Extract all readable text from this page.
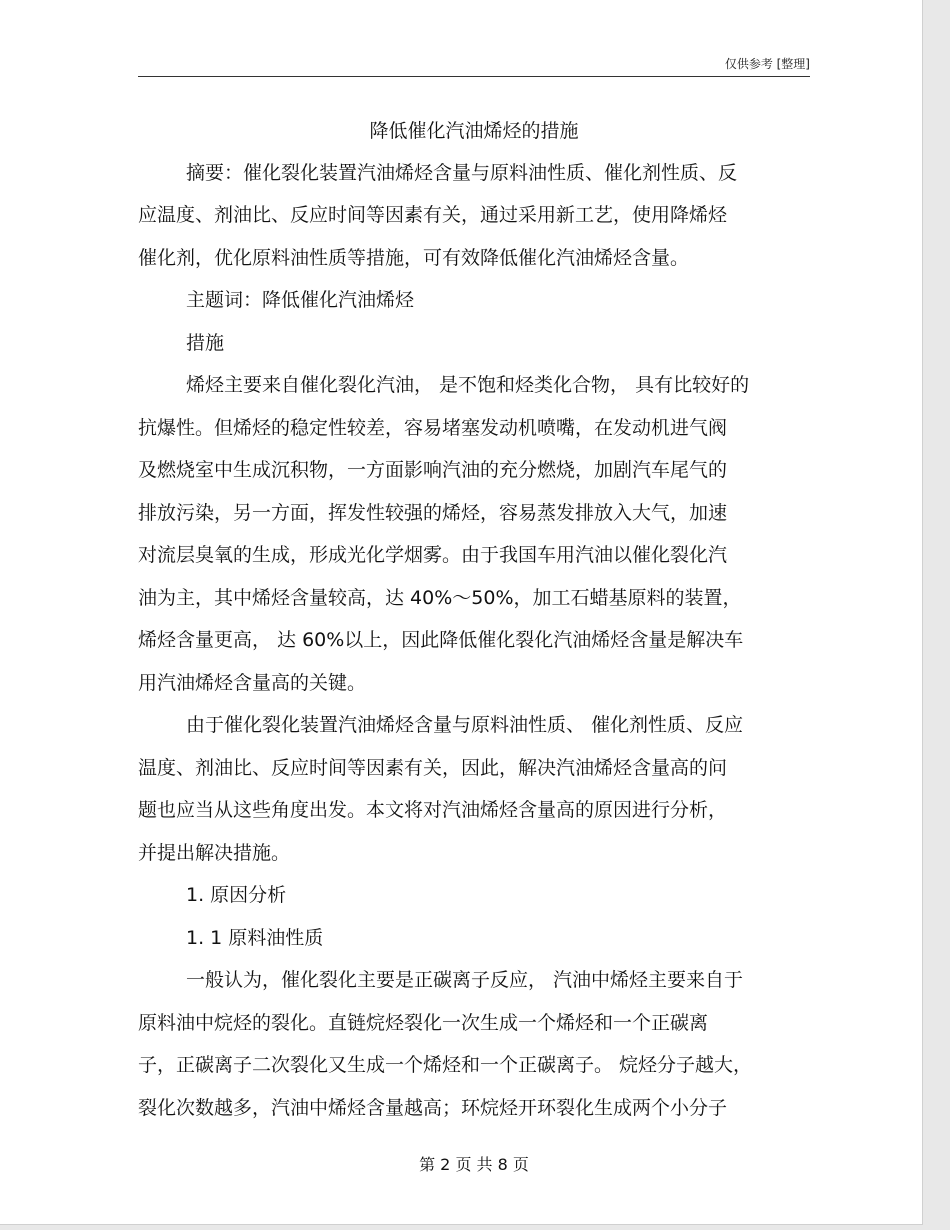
仅供参考 [整理]
降低催化汽油烯烃的措施
摘要：催化裂化装置汽油烯烃含量与原料油性质、催化剂性质、反
应温度、剂油比、反应时间等因素有关，通过采用新工艺，使用降烯烃
催化剂，优化原料油性质等措施，可有效降低催化汽油烯烃含量。
主题词：降低催化汽油烯烃
措施
烯烃主要来自催化裂化汽油， 是不饱和烃类化合物， 具有比较好的
抗爆性。但烯烃的稳定性较差，容易堵塞发动机喷嘴，在发动机进气阀
及燃烧室中生成沉积物，一方面影响汽油的充分燃烧，加剧汽车尾气的
排放污染，另一方面，挥发性较强的烯烃，容易蒸发排放入大气，加速
对流层臭氧的生成，形成光化学烟雾。由于我国车用汽油以催化裂化汽
油为主，其中烯烃含量较高，达 40%～50%，加工石蜡基原料的装置，
烯烃含量更高， 达 60%以上，因此降低催化裂化汽油烯烃含量是解决车
用汽油烯烃含量高的关键。
由于催化裂化装置汽油烯烃含量与原料油性质、 催化剂性质、反应
温度、剂油比、反应时间等因素有关，因此，解决汽油烯烃含量高的问
题也应当从这些角度出发。本文将对汽油烯烃含量高的原因进行分析，
并提出解决措施。
1. 原因分析
1. 1 原料油性质
一般认为，催化裂化主要是正碳离子反应， 汽油中烯烃主要来自于
原料油中烷烃的裂化。直链烷烃裂化一次生成一个烯烃和一个正碳离
子，正碳离子二次裂化又生成一个烯烃和一个正碳离子。 烷烃分子越大，
裂化次数越多，汽油中烯烃含量越高；环烷烃开环裂化生成两个小分子
第 2 页 共 8 页
